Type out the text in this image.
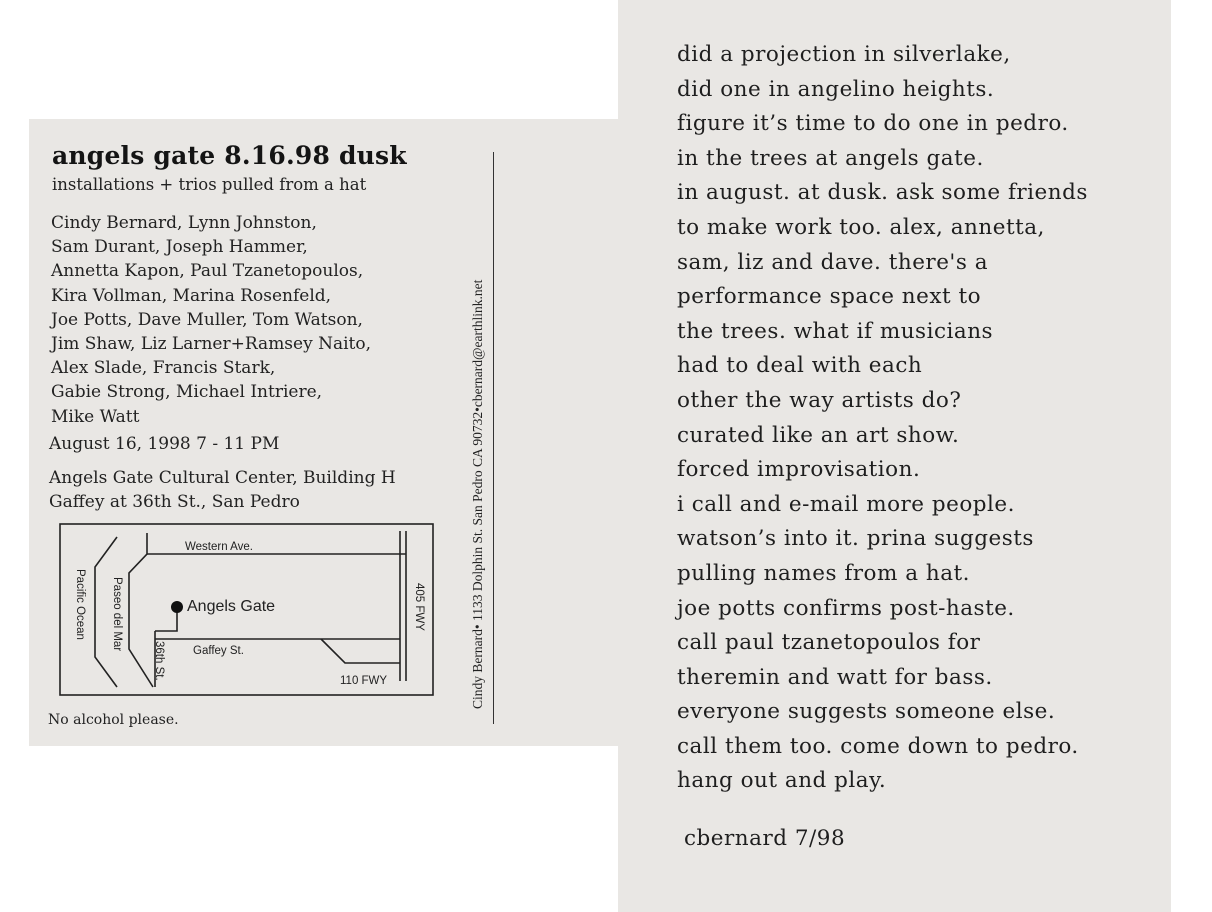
angels gate 8.16.98 dusk
installations + trios pulled from a hat
Cindy Bernard, Lynn Johnston,
Sam Durant, Joseph Hammer,
Annetta Kapon, Paul Tzanetopoulos,
Kira Vollman, Marina Rosenfeld,
Joe Potts, Dave Muller, Tom Watson,
Jim Shaw, Liz Larner+Ramsey Naito,
Alex Slade, Francis Stark,
Gabie Strong, Michael Intriere,
Mike Watt
August 16, 1998 7 - 11 PM
Angels Gate Cultural Center, Building H
Gaffey at 36th St., San Pedro
Western Ave.
Angels Gate
Gaffey St.
110 FWY
Pacific Ocean Paseo del Mar
36th St.
405 FWY
No alcohol please.
Cindy Bernard• 1133 Dolphin St. San Pedro CA 90732•cbernard@earthlink.net
did a projection in silverlake,
did one in angelino heights.
figure it’s time to do one in pedro.
in the trees at angels gate.
in august. at dusk. ask some friends
to make work too. alex, annetta,
sam, liz and dave. there's a
performance space next to
the trees. what if musicians
had to deal with each
other the way artists do?
curated like an art show.
forced improvisation.
i call and e-mail more people.
watson’s into it. prina suggests
pulling names from a hat.
joe potts confirms post-haste.
call paul tzanetopoulos for
theremin and watt for bass.
everyone suggests someone else.
call them too. come down to pedro.
hang out and play.
cbernard 7/98
